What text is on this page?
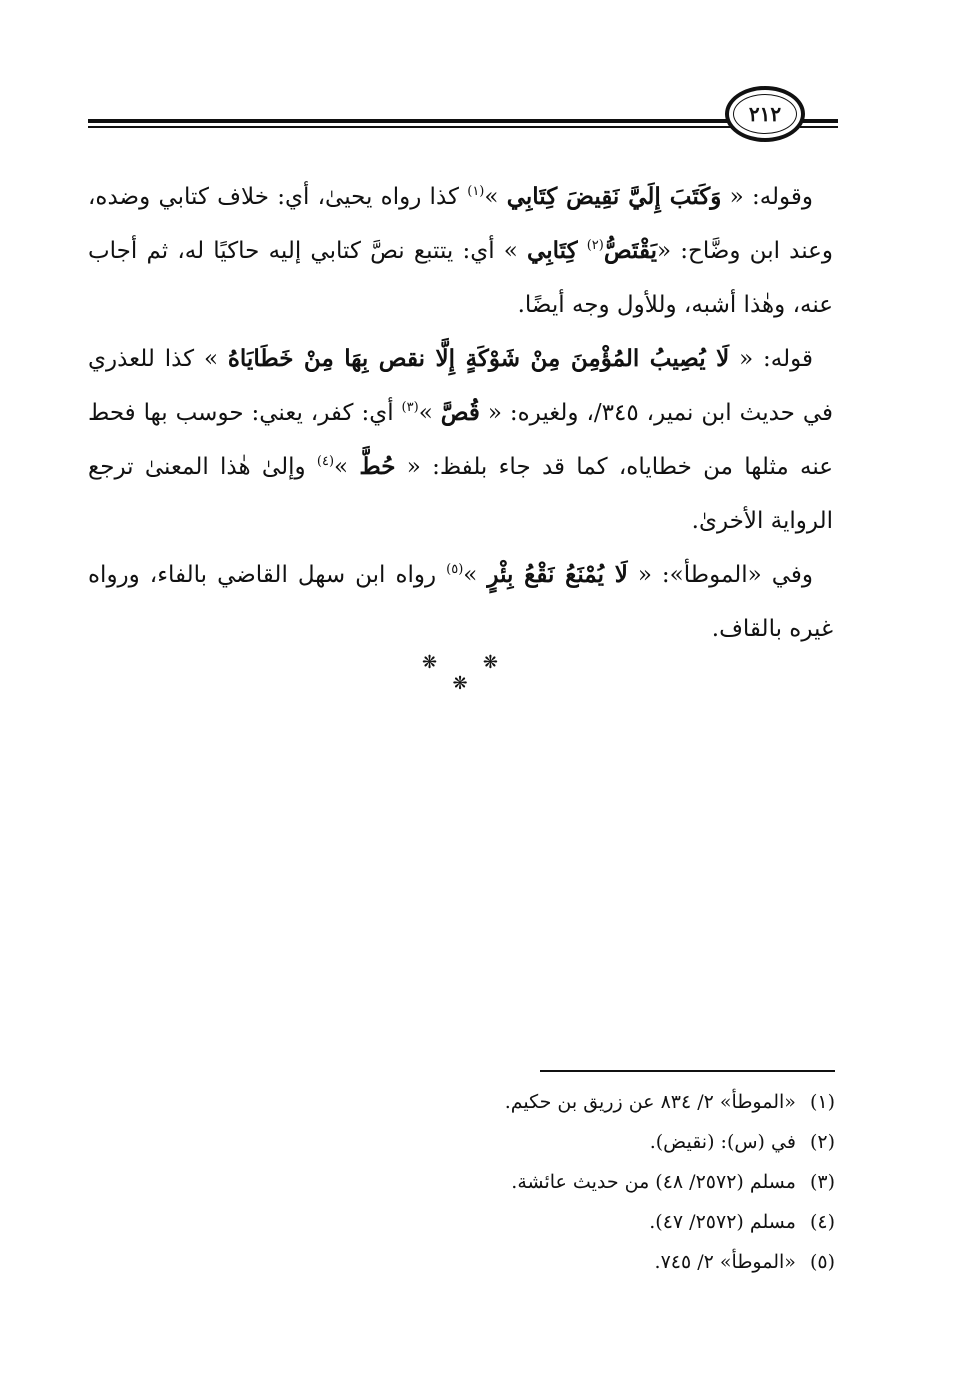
٢١٢

وقوله: « وَكَتَبَ إِلَيَّ نَقِيضَ كِتَابِي »$^{(١)}$ كذا رواه يحيىٰ، أي: خلاف كتابي وضده، وعند ابن وضَّاح: «يَقْتَصُّ$^{(٢)}$ كِتَابِي » أي: يتتبع نصَّ كتابي إليه حاكيًا له، ثم أجاب عنه، وهٰذا أشبه، وللأول وجه أيضًا.

قوله: « لَا يُصِيبُ المُؤْمِنَ مِنْ شَوْكَةٍ إِلَّا نقص بِهَا مِنْ خَطَايَاهُ » كذا للعذري في حديث ابن نمير، ٣٤٥/، ولغيره: « قُصَّ »$^{(٣)}$ أي: كفر، يعني: حوسب بها فحط عنه مثلها من خطاياه، كما قد جاء بلفظ: « حُطَّ »$^{(٤)}$ وإلىٰ هٰذا المعنىٰ ترجع الرواية الأخرىٰ.

وفي «الموطأ»: « لَا يُمْنَعُ نَقْعُ بِئْرٍ »$^{(٥)}$ رواه ابن سهل القاضي بالفاء، ورواه غيره بالقاف.

❋ ❋ ❋
(١)«الموطأ» ٢/ ٨٣٤ عن زريق بن حكيم.
(٢)في (س): (نقيض).
(٣)مسلم (٢٥٧٢/ ٤٨) من حديث عائشة.
(٤)مسلم (٢٥٧٢/ ٤٧).
(٥)«الموطأ» ٢/ ٧٤٥.
